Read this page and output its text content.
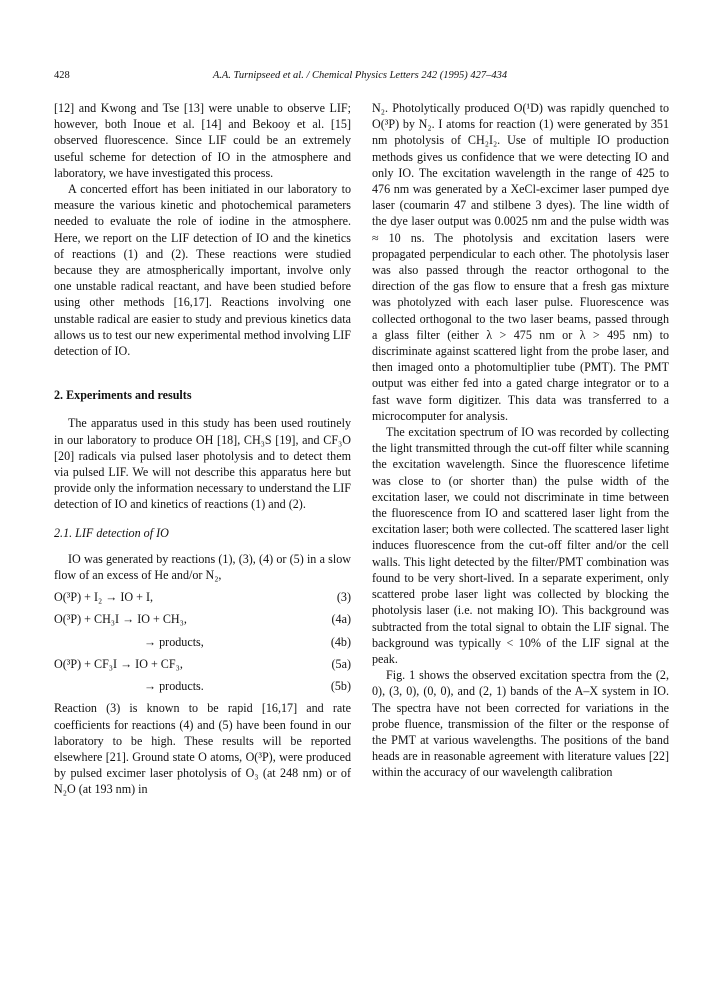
428	A.A. Turnipseed et al. / Chemical Physics Letters 242 (1995) 427–434

[12] and Kwong and Tse [13] were unable to observe LIF; however, both Inoue et al. [14] and Bekooy et al. [15] observed fluorescence. Since LIF could be an extremely useful scheme for detection of IO in the atmosphere and laboratory, we have investigated this process.

A concerted effort has been initiated in our laboratory to measure the various kinetic and photochemical parameters needed to evaluate the role of iodine in the atmosphere. Here, we report on the LIF detection of IO and the kinetics of reactions (1) and (2). These reactions were studied because they are atmospherically important, involve only one unstable radical reactant, and have been studied before using other methods [16,17]. Reactions involving one unstable radical are easier to study and previous kinetics data allows us to test our new experimental method involving LIF detection of IO.

2. Experiments and results

The apparatus used in this study has been used routinely in our laboratory to produce OH [18], CH₃S [19], and CF₃O [20] radicals via pulsed laser photolysis and to detect them via pulsed LIF. We will not describe this apparatus here but provide only the information necessary to understand the LIF detection of IO and kinetics of reactions (1) and (2).

2.1. LIF detection of IO

IO was generated by reactions (1), (3), (4) or (5) in a slow flow of an excess of He and/or N₂,

O(³P) + I₂ → IO + I,	(3)
O(³P) + CH₃I → IO + CH₃,	(4a)
→ products,	(4b)
O(³P) + CF₃I → IO + CF₃,	(5a)
→ products.	(5b)

Reaction (3) is known to be rapid [16,17] and rate coefficients for reactions (4) and (5) have been found in our laboratory to be high. These results will be reported elsewhere [21]. Ground state O atoms, O(³P), were produced by pulsed excimer laser photolysis of O₃ (at 248 nm) or of N₂O (at 193 nm) in

N₂. Photolytically produced O(¹D) was rapidly quenched to O(³P) by N₂. I atoms for reaction (1) were generated by 351 nm photolysis of CH₂I₂. Use of multiple IO production methods gives us confidence that we were detecting IO and only IO. The excitation wavelength in the range of 425 to 476 nm was generated by a XeCl-excimer laser pumped dye laser (coumarin 47 and stilbene 3 dyes). The line width of the dye laser output was 0.0025 nm and the pulse width was ≈ 10 ns. The photolysis and excitation lasers were propagated perpendicular to each other. The photolysis laser was also passed through the reactor orthogonal to the direction of the gas flow to ensure that a fresh gas mixture was photolyzed with each laser pulse. Fluorescence was collected orthogonal to the two laser beams, passed through a glass filter (either λ > 475 nm or λ > 495 nm) to discriminate against scattered light from the probe laser, and then imaged onto a photomultiplier tube (PMT). The PMT output was either fed into a gated charge integrator or to a fast wave form digitizer. This data was transferred to a microcomputer for analysis.

The excitation spectrum of IO was recorded by collecting the light transmitted through the cut-off filter while scanning the excitation wavelength. Since the fluorescence lifetime was close to (or shorter than) the pulse width of the excitation laser, we could not discriminate in time between the fluorescence from IO and scattered laser light from the excitation laser; both were collected. The scattered laser light induces fluorescence from the cut-off filter and/or the cell walls. This light detected by the filter/PMT combination was found to be very short-lived. In a separate experiment, only scattered probe laser light was collected by blocking the photolysis laser (i.e. not making IO). This background was subtracted from the total signal to obtain the LIF signal. The background was typically < 10% of the LIF signal at the peak.

Fig. 1 shows the observed excitation spectra from the (2, 0), (3, 0), (0, 0), and (2, 1) bands of the A–X system in IO. The spectra have not been corrected for variations in the probe fluence, transmission of the filter or the response of the PMT at various wavelengths. The positions of the band heads are in reasonable agreement with literature values [22] within the accuracy of our wavelength calibration
